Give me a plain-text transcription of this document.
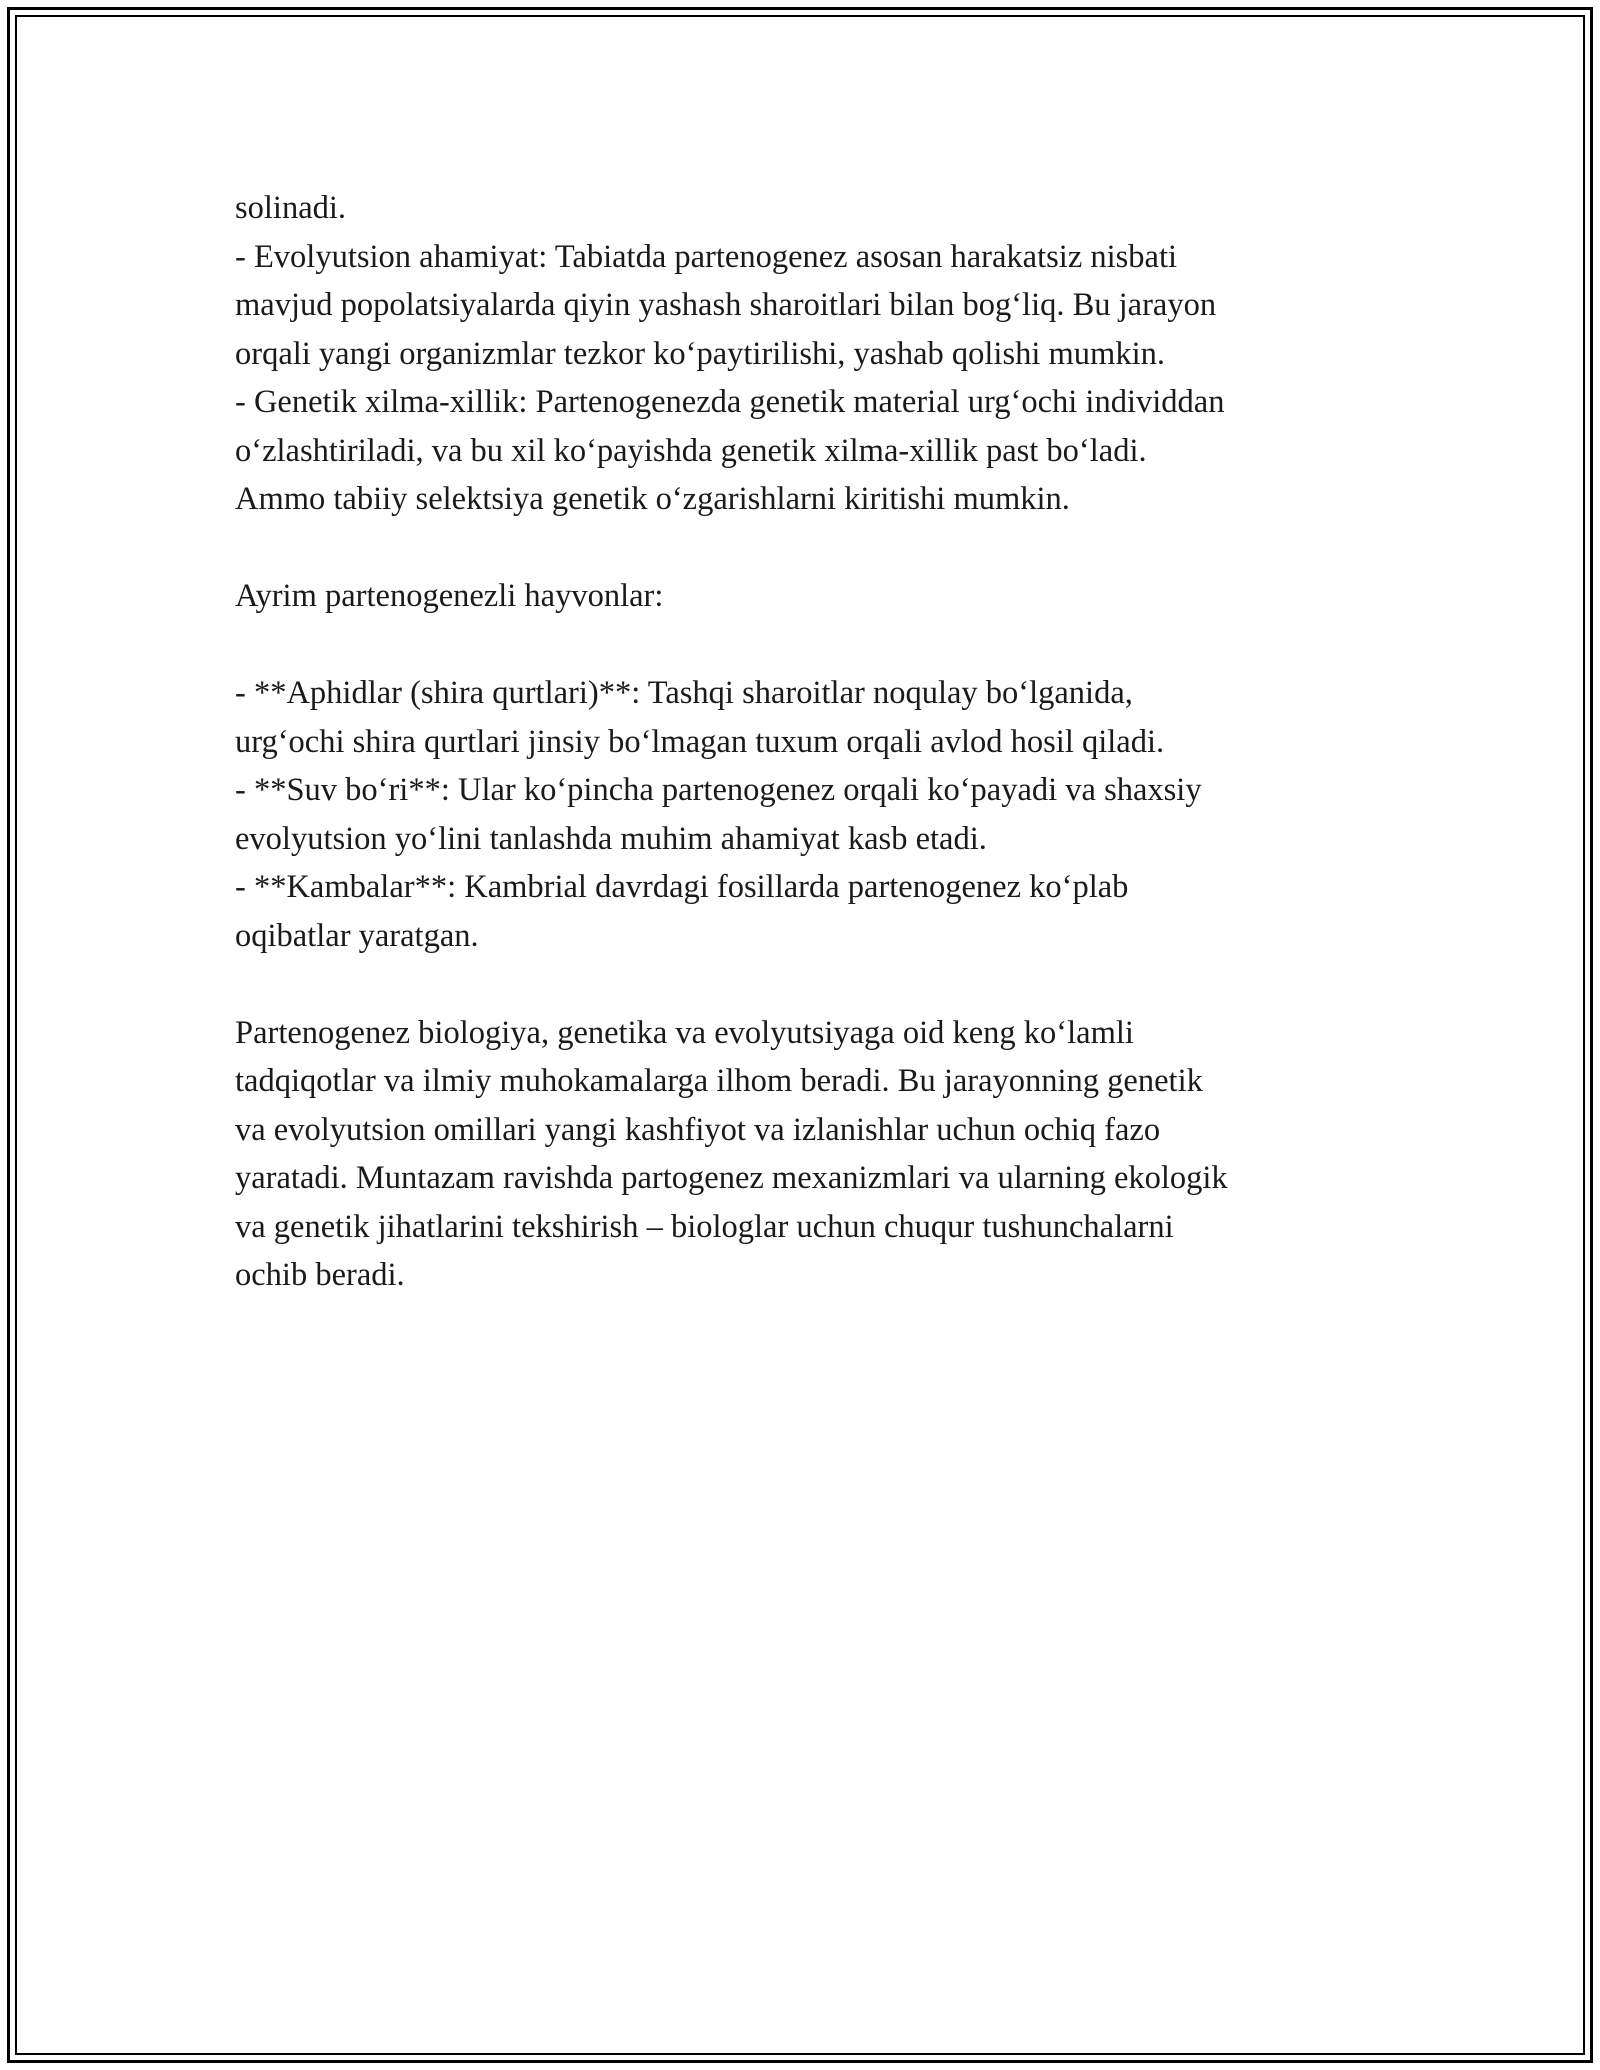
solinadi.
- Evolyutsion ahamiyat: Tabiatda partenogenez asosan harakatsiz nisbati
mavjud popolatsiyalarda qiyin yashash sharoitlari bilan bog‘liq. Bu jarayon
orqali yangi organizmlar tezkor ko‘paytirilishi, yashab qolishi mumkin.
- Genetik xilma-xillik: Partenogenezda genetik material urg‘ochi individdan
o‘zlashtiriladi, va bu xil ko‘payishda genetik xilma-xillik past bo‘ladi.
Ammo tabiiy selektsiya genetik o‘zgarishlarni kiritishi mumkin.
Ayrim partenogenezli hayvonlar:
- **Aphidlar (shira qurtlari)**: Tashqi sharoitlar noqulay bo‘lganida,
urg‘ochi shira qurtlari jinsiy bo‘lmagan tuxum orqali avlod hosil qiladi.
- **Suv bo‘ri**: Ular ko‘pincha partenogenez orqali ko‘payadi va shaxsiy
evolyutsion yo‘lini tanlashda muhim ahamiyat kasb etadi.
- **Kambalar**: Kambrial davrdagi fosillarda partenogenez ko‘plab
oqibatlar yaratgan.
Partenogenez biologiya, genetika va evolyutsiyaga oid keng ko‘lamli
tadqiqotlar va ilmiy muhokamalarga ilhom beradi. Bu jarayonning genetik
va evolyutsion omillari yangi kashfiyot va izlanishlar uchun ochiq fazo
yaratadi. Muntazam ravishda partogenez mexanizmlari va ularning ekologik
va genetik jihatlarini tekshirish – biologlar uchun chuqur tushunchalarni
ochib beradi.
